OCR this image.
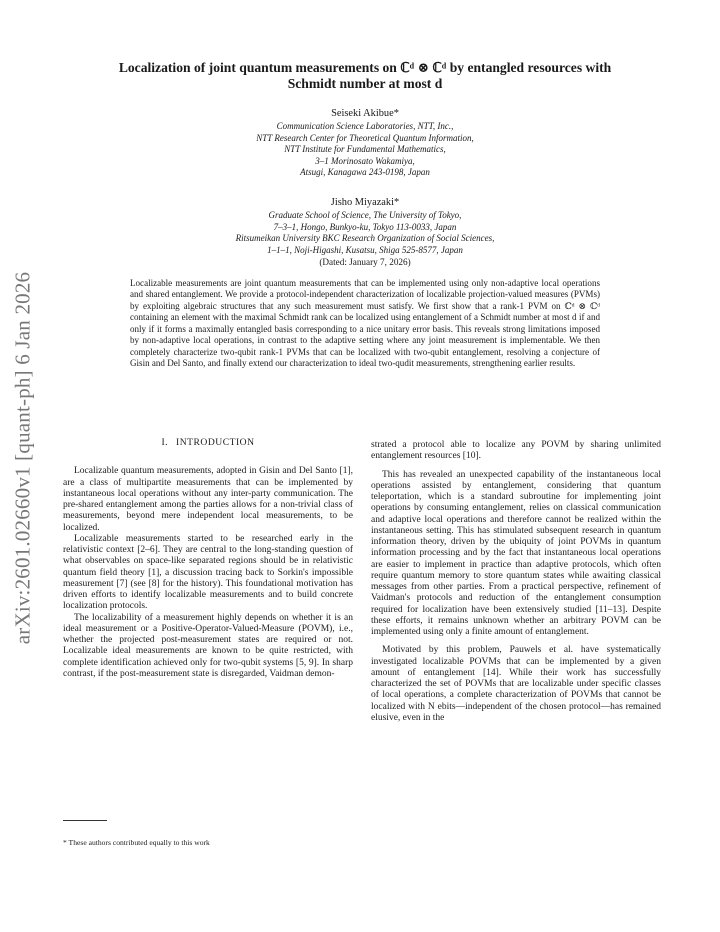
arXiv:2601.02660v1 [quant-ph] 6 Jan 2026
Localization of joint quantum measurements on ℂᵈ ⊗ ℂᵈ by entangled resources with
Schmidt number at most d
Seiseki Akibue*
Communication Science Laboratories, NTT, Inc.,
NTT Research Center for Theoretical Quantum Information,
NTT Institute for Fundamental Mathematics,
3–1 Morinosato Wakamiya,
Atsugi, Kanagawa 243-0198, Japan
Jisho Miyazaki*
Graduate School of Science, The University of Tokyo,
7–3–1, Hongo, Bunkyo-ku, Tokyo 113-0033, Japan
Ritsumeikan University BKC Research Organization of Social Sciences,
1–1–1, Noji-Higashi, Kusatsu, Shiga 525-8577, Japan
(Dated: January 7, 2026)
Localizable measurements are joint quantum measurements that can be implemented using only non-adaptive local operations and shared entanglement. We provide a protocol-independent characterization of localizable projection-valued measures (PVMs) by exploiting algebraic structures that any such measurement must satisfy. We first show that a rank-1 PVM on ℂᵈ ⊗ ℂᵈ containing an element with the maximal Schmidt rank can be localized using entanglement of a Schmidt number at most d if and only if it forms a maximally entangled basis corresponding to a nice unitary error basis. This reveals strong limitations imposed by non-adaptive local operations, in contrast to the adaptive setting where any joint measurement is implementable. We then completely characterize two-qubit rank-1 PVMs that can be localized with two-qubit entanglement, resolving a conjecture of Gisin and Del Santo, and finally extend our characterization to ideal two-qudit measurements, strengthening earlier results.
I. INTRODUCTION

Localizable quantum measurements, adopted in Gisin and Del Santo [1], are a class of multipartite measurements that can be implemented by instantaneous local operations without any inter-party communication. The pre-shared entanglement among the parties allows for a non-trivial class of measurements, beyond mere independent local measurements, to be localized.

Localizable measurements started to be researched early in the relativistic context [2–6]. They are central to the long-standing question of what observables on space-like separated regions should be in relativistic quantum field theory [1], a discussion tracing back to Sorkin's impossible measurement [7] (see [8] for the history). This foundational motivation has driven efforts to identify localizable measurements and to build concrete localization protocols.

The localizability of a measurement highly depends on whether it is an ideal measurement or a Positive-Operator-Valued-Measure (POVM), i.e., whether the projected post-measurement states are required or not. Localizable ideal measurements are known to be quite restricted, with complete identification achieved only for two-qubit systems [5, 9]. In sharp contrast, if the post-measurement state is disregarded, Vaidman demon-

strated a protocol able to localize any POVM by sharing unlimited entanglement resources [10].

This has revealed an unexpected capability of the instantaneous local operations assisted by entanglement, considering that quantum teleportation, which is a standard subroutine for implementing joint operations by consuming entanglement, relies on classical communication and adaptive local operations and therefore cannot be realized within the instantaneous setting. This has stimulated subsequent research in quantum information theory, driven by the ubiquity of joint POVMs in quantum information processing and by the fact that instantaneous local operations are easier to implement in practice than adaptive protocols, which often require quantum memory to store quantum states while awaiting classical messages from other parties. From a practical perspective, refinement of Vaidman's protocols and reduction of the entanglement consumption required for localization have been extensively studied [11–13]. Despite these efforts, it remains unknown whether an arbitrary POVM can be implemented using only a finite amount of entanglement.

Motivated by this problem, Pauwels et al. have systematically investigated localizable POVMs that can be implemented by a given amount of entanglement [14]. While their work has successfully characterized the set of POVMs that are localizable under specific classes of local operations, a complete characterization of POVMs that cannot be localized with N ebits—independent of the chosen protocol—has remained elusive, even in the

* These authors contributed equally to this work
